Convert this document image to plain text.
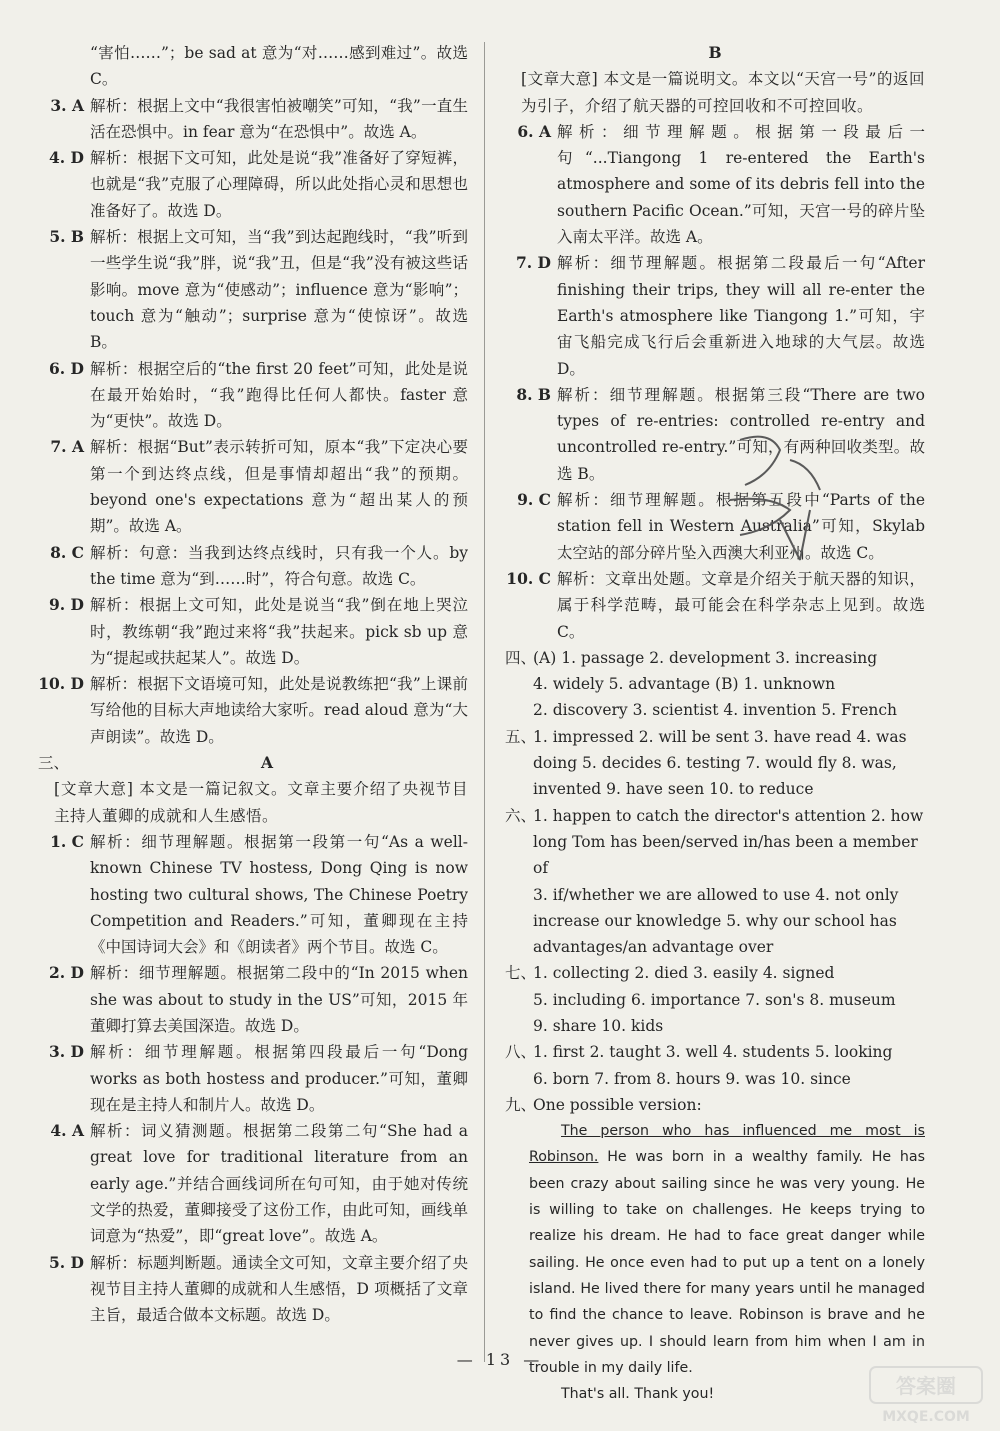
“害怕……”；be sad at 意为“对……感到难过”。故选 C。
3. A 解析：根据上文中“我很害怕被嘲笑”可知，“我”一直生活在恐惧中。in fear 意为“在恐惧中”。故选 A。
4. D 解析：根据下文可知，此处是说“我”准备好了穿短裤，也就是“我”克服了心理障碍，所以此处指心灵和思想也准备好了。故选 D。
5. B 解析：根据上文可知，当“我”到达起跑线时，“我”听到一些学生说“我”胖，说“我”丑，但是“我”没有被这些话影响。move 意为“使感动”；influence 意为“影响”；touch 意为“触动”；surprise 意为“使惊讶”。故选 B。
6. D 解析：根据空后的“the first 20 feet”可知，此处是说在最开始始时，“我”跑得比任何人都快。faster 意为“更快”。故选 D。
7. A 解析：根据“But”表示转折可知，原本“我”下定决心要第一个到达终点线，但是事情却超出“我”的预期。beyond one's expectations 意为“超出某人的预期”。故选 A。
8. C 解析：句意：当我到达终点线时，只有我一个人。by the time 意为“到……时”，符合句意。故选 C。
9. D 解析：根据上文可知，此处是说当“我”倒在地上哭泣时，教练朝“我”跑过来将“我”扶起来。pick sb up 意为“提起或扶起某人”。故选 D。
10. D 解析：根据下文语境可知，此处是说教练把“我”上课前写给他的目标大声地读给大家听。read aloud 意为“大声朗读”。故选 D。
三、	A
[文章大意] 本文是一篇记叙文。文章主要介绍了央视节目主持人董卿的成就和人生感悟。
1. C 解析：细节理解题。根据第一段第一句“As a well-known Chinese TV hostess, Dong Qing is now hosting two cultural shows, The Chinese Poetry Competition and Readers.”可知，董卿现在主持《中国诗词大会》和《朗读者》两个节目。故选 C。
2. D 解析：细节理解题。根据第二段中的“In 2015 when she was about to study in the US”可知，2015 年董卿打算去美国深造。故选 D。
3. D 解析：细节理解题。根据第四段最后一句“Dong works as both hostess and producer.”可知，董卿现在是主持人和制片人。故选 D。
4. A 解析：词义猜测题。根据第二段第二句“She had a great love for traditional literature from an early age.”并结合画线词所在句可知，由于她对传统文学的热爱，董卿接受了这份工作，由此可知，画线单词意为“热爱”，即“great love”。故选 A。
5. D 解析：标题判断题。通读全文可知，文章主要介绍了央视节目主持人董卿的成就和人生感悟，D 项概括了文章主旨，最适合做本文标题。故选 D。
B
[文章大意] 本文是一篇说明文。本文以“天宫一号”的返回为引子，介绍了航天器的可控回收和不可控回收。
6. A 解析：细节理解题。根据第一段最后一句“...Tiangong 1 re-entered the Earth's atmosphere and some of its debris fell into the southern Pacific Ocean.”可知，天宫一号的碎片坠入南太平洋。故选 A。
7. D 解析：细节理解题。根据第二段最后一句“After finishing their trips, they will all re-enter the Earth's atmosphere like Tiangong 1.”可知，宇宙飞船完成飞行后会重新进入地球的大气层。故选 D。
8. B 解析：细节理解题。根据第三段“There are two types of re-entries: controlled re-entry and uncontrolled re-entry.”可知，有两种回收类型。故选 B。
9. C 解析：细节理解题。根据第五段中“Parts of the station fell in Western Australia”可知，Skylab 太空站的部分碎片坠入西澳大利亚州。故选 C。
10. C 解析：文章出处题。文章是介绍关于航天器的知识，属于科学范畴，最可能会在科学杂志上见到。故选 C。
四、
(A) 1. passage 2. development 3. increasing
4. widely 5. advantage (B) 1. unknown
2. discovery 3. scientist 4. invention 5. French
五、
1. impressed 2. will be sent 3. have read 4. was
doing 5. decides 6. testing 7. would fly 8. was,
invented 9. have seen 10. to reduce
六、
1. happen to catch the director's attention 2. how
long Tom has been/served in/has been a member of
3. if/whether we are allowed to use 4. not only
increase our knowledge 5. why our school has
advantages/an advantage over
七、
1. collecting 2. died 3. easily 4. signed
5. including 6. importance 7. son's 8. museum
9. share 10. kids
八、
1. first 2. taught 3. well 4. students 5. looking
6. born 7. from 8. hours 9. was 10. since
九、
One possible version:
The person who has influenced me most is Robinson. He was born in a wealthy family. He has been crazy about sailing since he was very young. He is willing to take on challenges. He keeps trying to realize his dream. He had to face great danger while sailing. He once even had to put up a tent on a lonely island. He lived there for many years until he managed to find the chance to leave. Robinson is brave and he never gives up. I should learn from him when I am in trouble in my daily life.
That's all. Thank you!
— 13 —
答案圈
MXQE.COM
